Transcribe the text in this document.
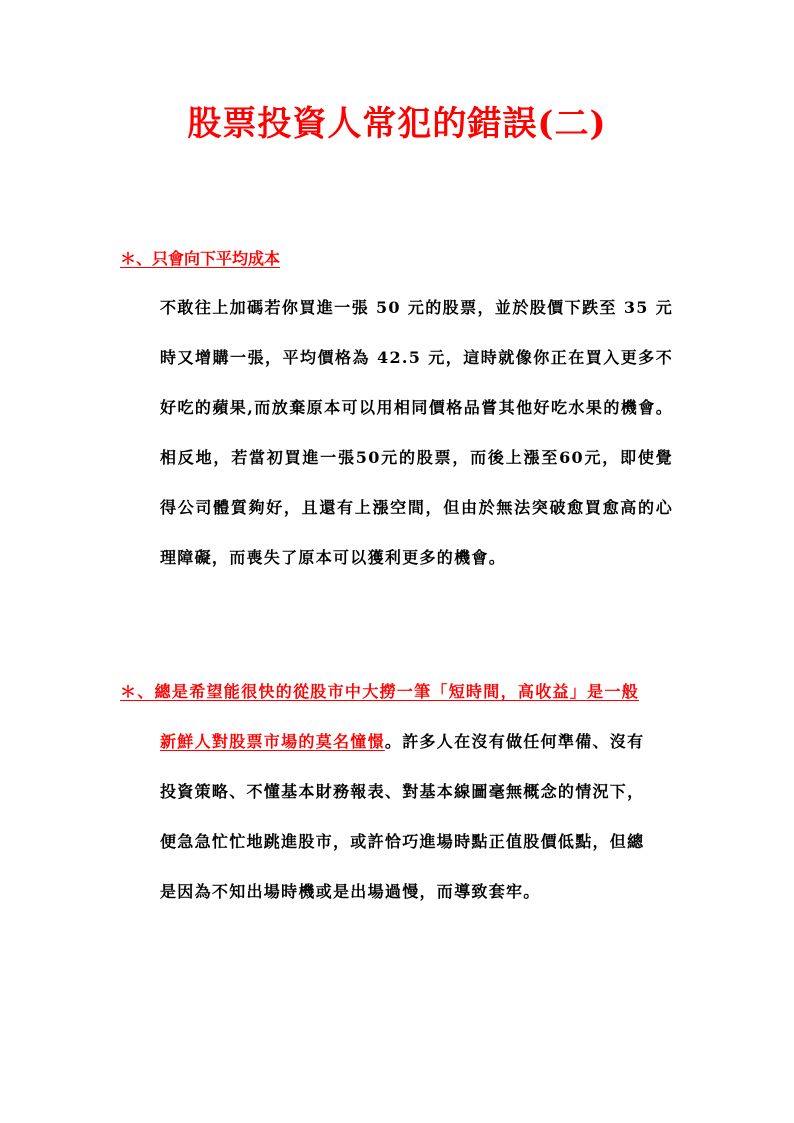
股票投資人常犯的錯誤(二)
＊、只會向下平均成本

不敢往上加碼若你買進一張 50 元的股票，並於股價下跌至 35 元時又增購一張，平均價格為 42.5 元，這時就像你正在買入更多不好吃的蘋果,而放棄原本可以用相同價格品嘗其他好吃水果的機會。相反地，若當初買進一張50元的股票，而後上漲至60元，即使覺得公司體質夠好，且還有上漲空間，但由於無法突破愈買愈高的心理障礙，而喪失了原本可以獲利更多的機會。

＊、總是希望能很快的從股市中大撈一筆「短時間，高收益」是一般
新鮮人對股票市場的莫名憧憬。許多人在沒有做任何準備、沒有
投資策略、不懂基本財務報表、對基本線圖毫無概念的情況下，
便急急忙忙地跳進股市，或許恰巧進場時點正值股價低點，但總
是因為不知出場時機或是出場過慢，而導致套牢。
